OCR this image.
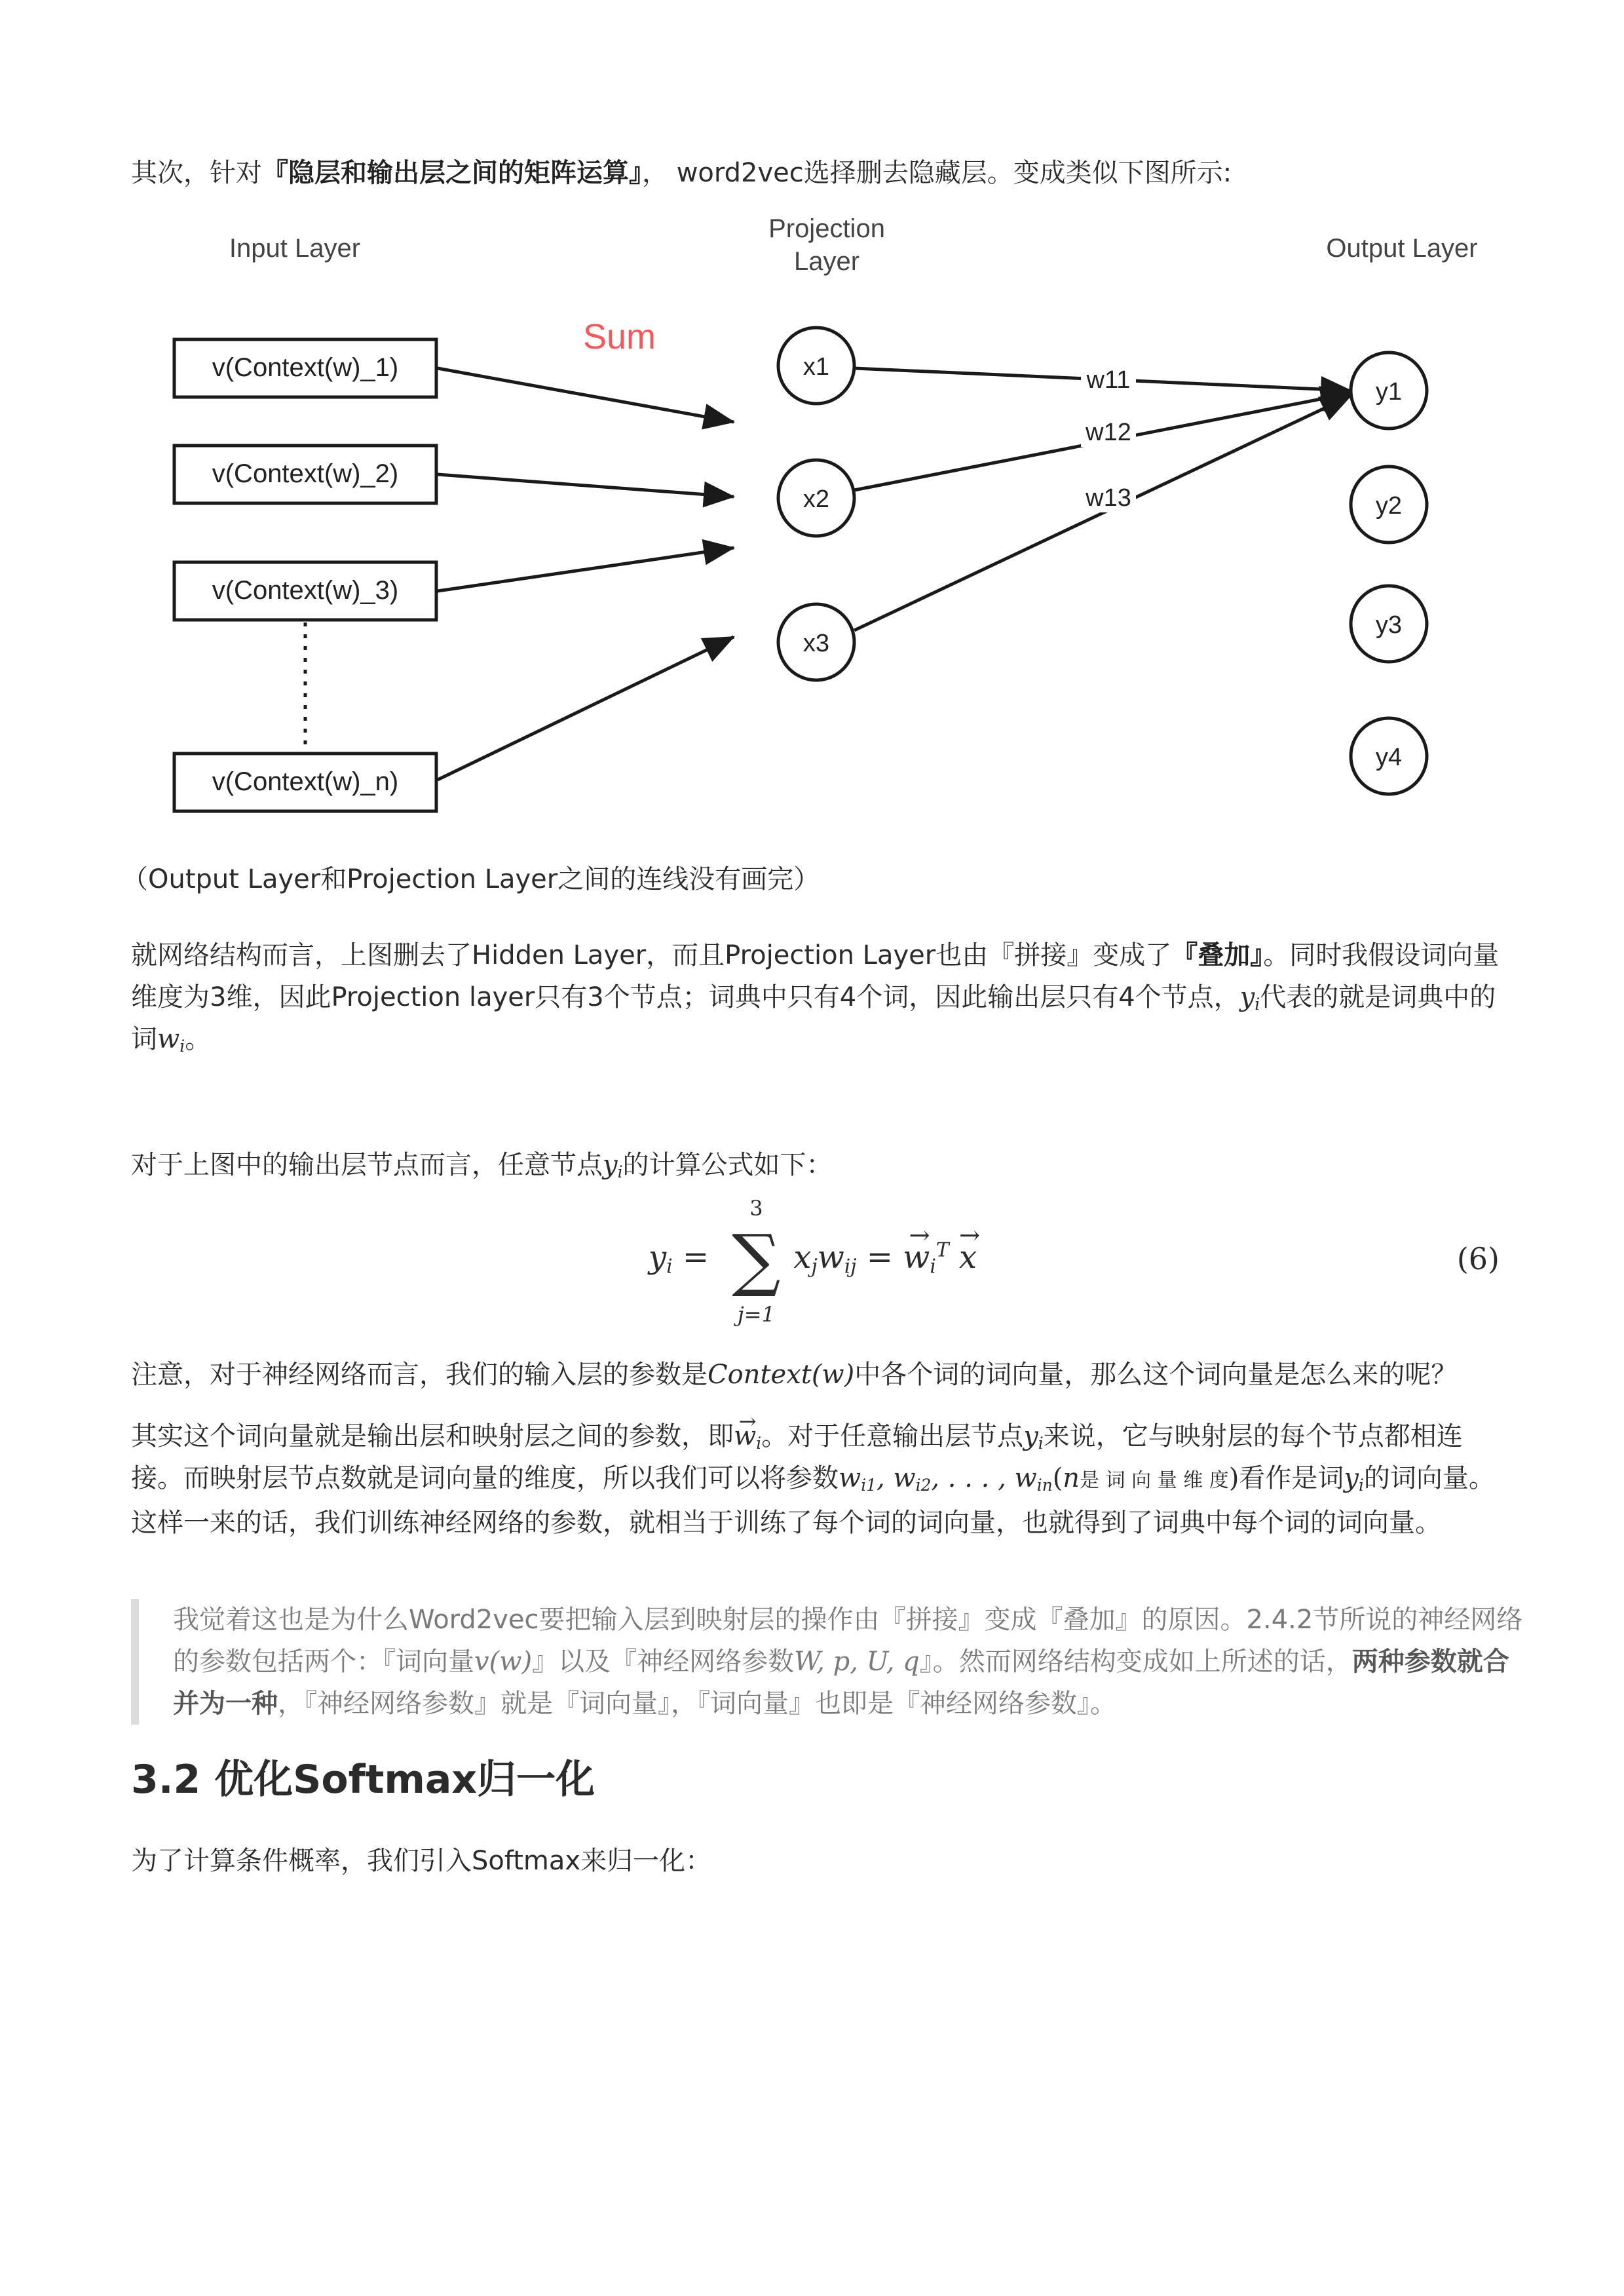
其次，针对『隐层和输出层之间的矩阵运算』， word2vec选择删去隐藏层。变成类似下图所示:

Input Layer
Projection
Layer	Output Layer
Sum
v(Context(w)_1)
v(Context(w)_2)
v(Context(w)_3)
v(Context(w)_n)
x1
x2
x3
w11
w12
w13
y1
y2
y3
y4

（Output Layer和Projection Layer之间的连线没有画完）

就网络结构而言，上图删去了Hidden Layer，而且Projection Layer也由『拼接』变成了『叠加』。同时我假设词向量维度为3维，因此Projection layer只有3个节点；词典中只有4个词，因此输出层只有4个节点，$y_i$代表的就是词典中的词$w_i$。

对于上图中的输出层节点而言，任意节点$y_i$的计算公式如下：

$y_i$ =
3
∑
j=1
$x_jw_{ij}$ = → $w_i^T \to x$	(6)

注意，对于神经网络而言，我们的输入层的参数是Context(w)中各个词的词向量，那么这个词向量是怎么来的呢？

其实这个词向量就是输出层和映射层之间的参数，即→ $w_i$。对于任意输出层节点$y_i$来说，它与映射层的每个节点都相连接。而映射层节点数就是词向量的维度，所以我们可以将参数$w_{i1}$, $w_{i2}$, . . . , $w_{in}(n$是 词 向 量 维 度)看作是词$y_i$的词向量。这样一来的话，我们训练神经网络的参数，就相当于训练了每个词的词向量，也就得到了词典中每个词的词向量。

我觉着这也是为什么Word2vec要把输入层到映射层的操作由『拼接』变成『叠加』的原因。2.4.2节所说的神经网络的参数包括两个：『词向量v(w)』以及『神经网络参数W, p, U, q』。然而网络结构变成如上所述的话，两种参数就合并为一种，『神经网络参数』就是『词向量』，『词向量』也即是『神经网络参数』。
3.2 优化Softmax归一化

为了计算条件概率，我们引入Softmax来归一化：
